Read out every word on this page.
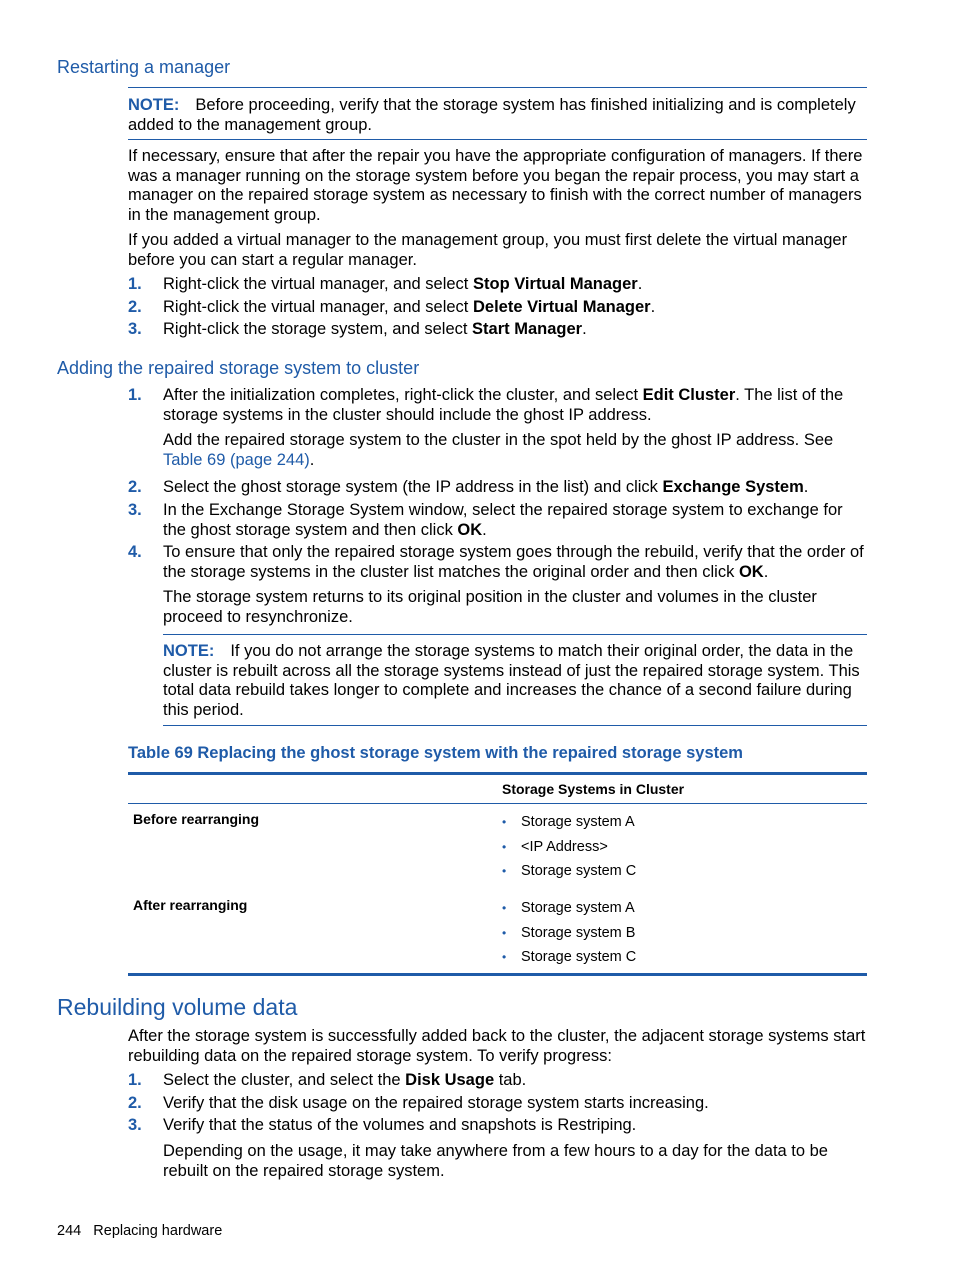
Restarting a manager
NOTE: Before proceeding, verify that the storage system has finished initializing and is completely added to the management group.
If necessary, ensure that after the repair you have the appropriate configuration of managers. If there was a manager running on the storage system before you began the repair process, you may start a manager on the repaired storage system as necessary to finish with the correct number of managers in the management group.
If you added a virtual manager to the management group, you must first delete the virtual manager before you can start a regular manager.
1. Right-click the virtual manager, and select Stop Virtual Manager.
2. Right-click the virtual manager, and select Delete Virtual Manager.
3. Right-click the storage system, and select Start Manager.
Adding the repaired storage system to cluster
1. After the initialization completes, right-click the cluster, and select Edit Cluster. The list of the storage systems in the cluster should include the ghost IP address.
Add the repaired storage system to the cluster in the spot held by the ghost IP address. See Table 69 (page 244).
2. Select the ghost storage system (the IP address in the list) and click Exchange System.
3. In the Exchange Storage System window, select the repaired storage system to exchange for the ghost storage system and then click OK.
4. To ensure that only the repaired storage system goes through the rebuild, verify that the order of the storage systems in the cluster list matches the original order and then click OK.
The storage system returns to its original position in the cluster and volumes in the cluster proceed to resynchronize.
NOTE: If you do not arrange the storage systems to match their original order, the data in the cluster is rebuilt across all the storage systems instead of just the repaired storage system. This total data rebuild takes longer to complete and increases the chance of a second failure during this period.
Table 69 Replacing the ghost storage system with the repaired storage system
Storage Systems in Cluster
Before rearranging	• Storage system A
• <IP Address>
• Storage system C
After rearranging	• Storage system A
• Storage system B
• Storage system C
Rebuilding volume data
After the storage system is successfully added back to the cluster, the adjacent storage systems start rebuilding data on the repaired storage system. To verify progress:
1. Select the cluster, and select the Disk Usage tab.
2. Verify that the disk usage on the repaired storage system starts increasing.
3. Verify that the status of the volumes and snapshots is Restriping.
Depending on the usage, it may take anywhere from a few hours to a day for the data to be rebuilt on the repaired storage system.
244 Replacing hardware
